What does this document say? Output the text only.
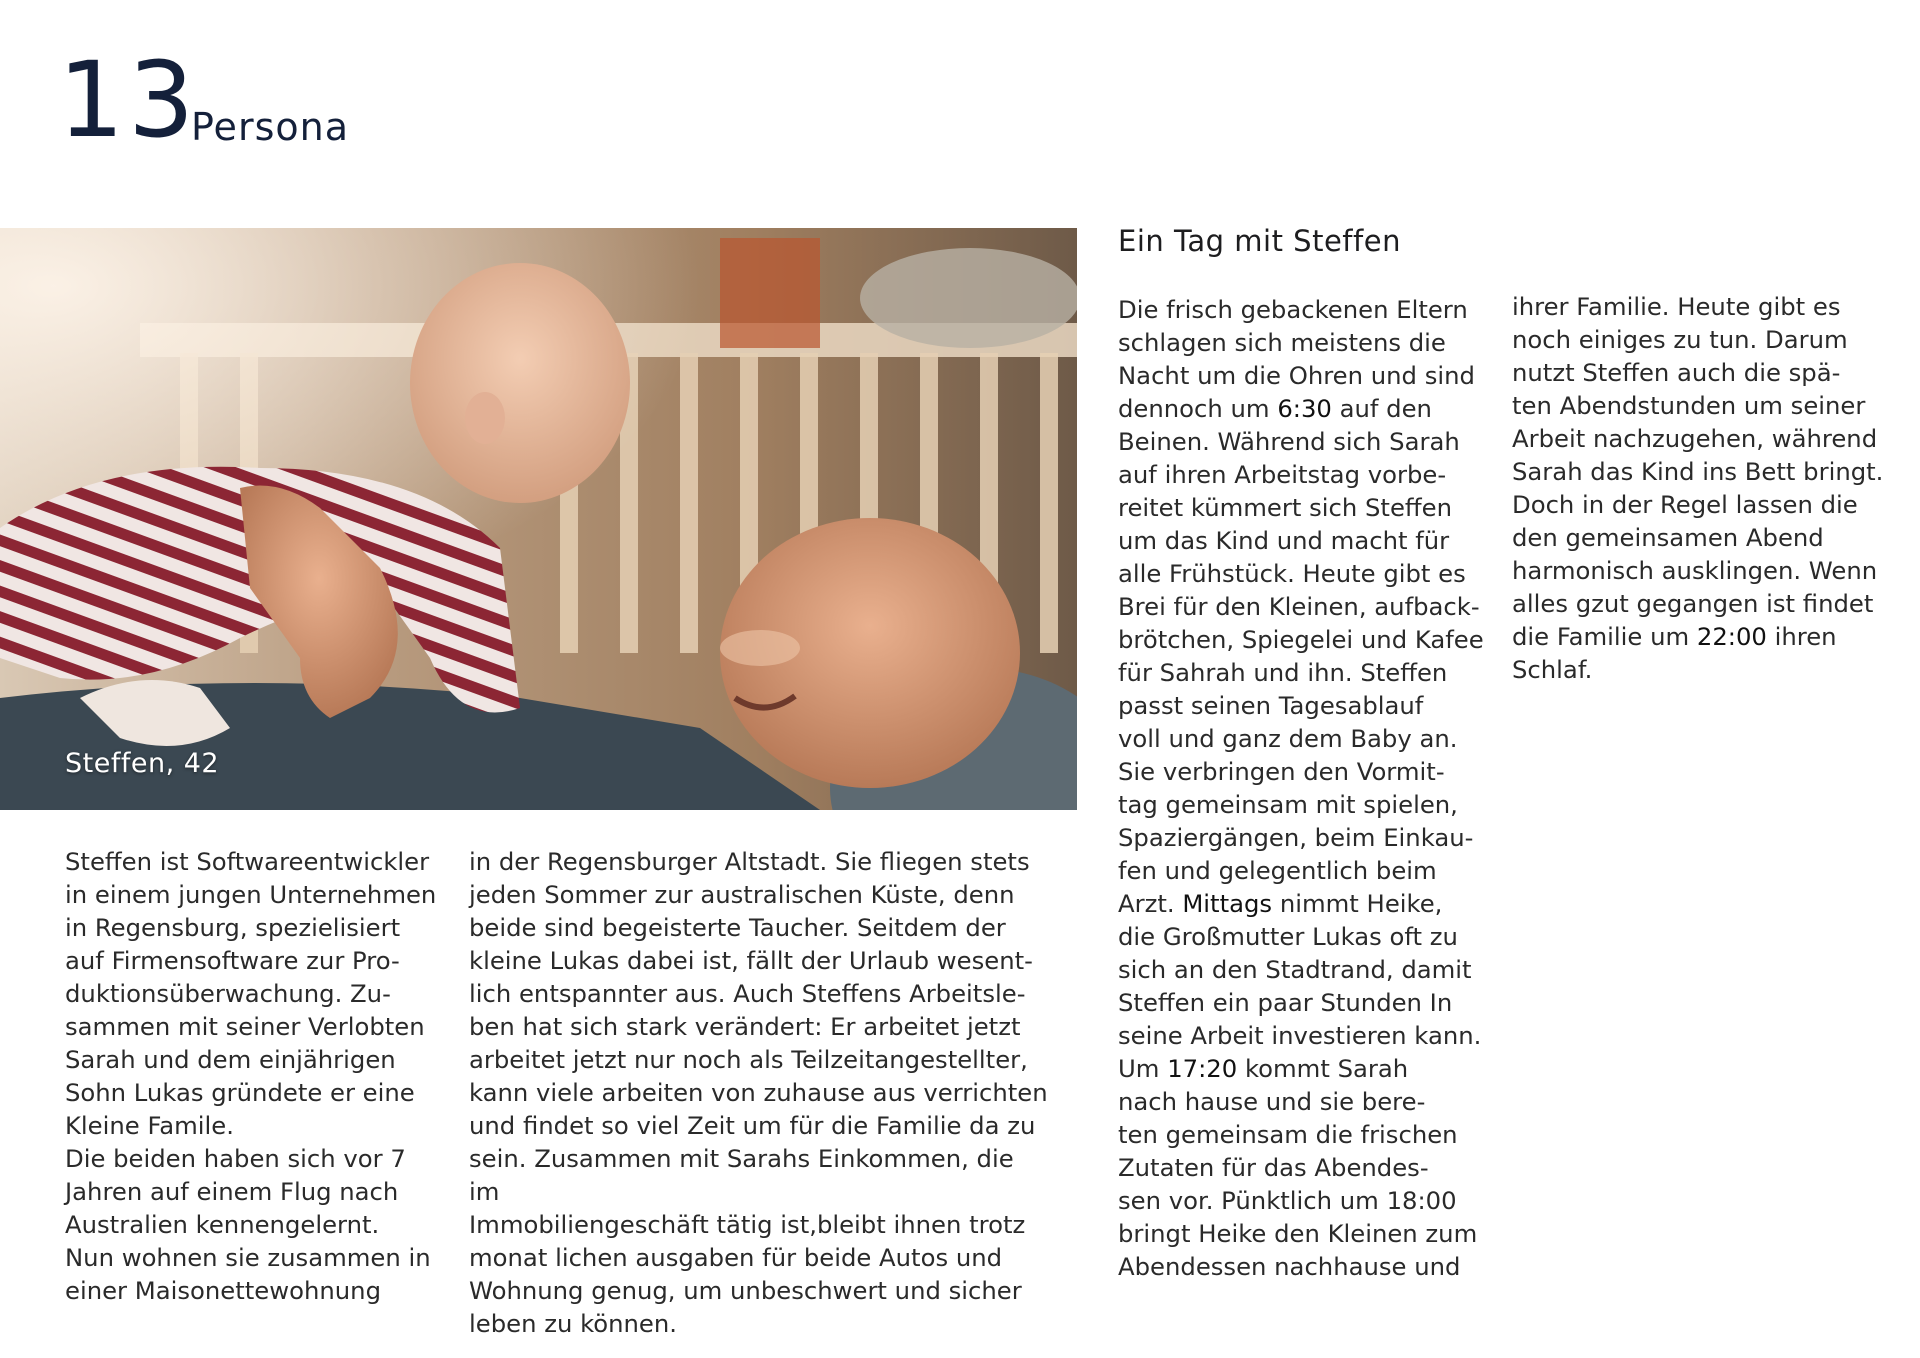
13
Persona
Steffen, 42

Steffen ist Softwareentwickler
in einem jungen Unternehmen
in Regensburg, spezielisiert
auf Firmensoftware zur Pro-
duktionsüberwachung. Zu-
sammen mit seiner Verlobten
Sarah und dem einjährigen
Sohn Lukas gründete er eine
Kleine Famile.
Die beiden haben sich vor 7
Jahren auf einem Flug nach
Australien kennengelernt.
Nun wohnen sie zusammen in
einer Maisonettewohnung

in der Regensburger Altstadt. Sie fliegen stets
jeden Sommer zur australischen Küste, denn
beide sind begeisterte Taucher. Seitdem der
kleine Lukas dabei ist, fällt der Urlaub wesent-
lich entspannter aus. Auch Steffens Arbeitsle-
ben hat sich stark verändert: Er arbeitet jetzt
arbeitet jetzt nur noch als Teilzeitangestellter,
kann viele arbeiten von zuhause aus verrichten
und findet so viel Zeit um für die Familie da zu
sein. Zusammen mit Sarahs Einkommen, die im
Immobiliengeschäft tätig ist,bleibt ihnen trotz
monat lichen ausgaben für beide Autos und
Wohnung genug, um unbeschwert und sicher
leben zu können.

Ein Tag mit Steffen

Die frisch gebackenen Eltern
schlagen sich meistens die
Nacht um die Ohren und sind
dennoch um 6:30 auf den
Beinen. Während sich Sarah
auf ihren Arbeitstag vorbe-
reitet kümmert sich Steffen
um das Kind und macht für
alle Frühstück. Heute gibt es
Brei für den Kleinen, aufback-
brötchen, Spiegelei und Kafee
für Sahrah und ihn. Steffen
passt seinen Tagesablauf
voll und ganz dem Baby an.
Sie verbringen den Vormit-
tag gemeinsam mit spielen,
Spaziergängen, beim Einkau-
fen und gelegentlich beim
Arzt. Mittags nimmt Heike,
die Großmutter Lukas oft zu
sich an den Stadtrand, damit
Steffen ein paar Stunden In
seine Arbeit investieren kann.
Um 17:20 kommt Sarah
nach hause und sie bere-
ten gemeinsam die frischen
Zutaten für das Abendes-
sen vor. Pünktlich um 18:00
bringt Heike den Kleinen zum
Abendessen nachhause und

ihrer Familie. Heute gibt es
noch einiges zu tun. Darum
nutzt Steffen auch die spä-
ten Abendstunden um seiner
Arbeit nachzugehen, während
Sarah das Kind ins Bett bringt.
Doch in der Regel lassen die
den gemeinsamen Abend
harmonisch ausklingen. Wenn
alles gzut gegangen ist findet
die Familie um 22:00 ihren
Schlaf.
